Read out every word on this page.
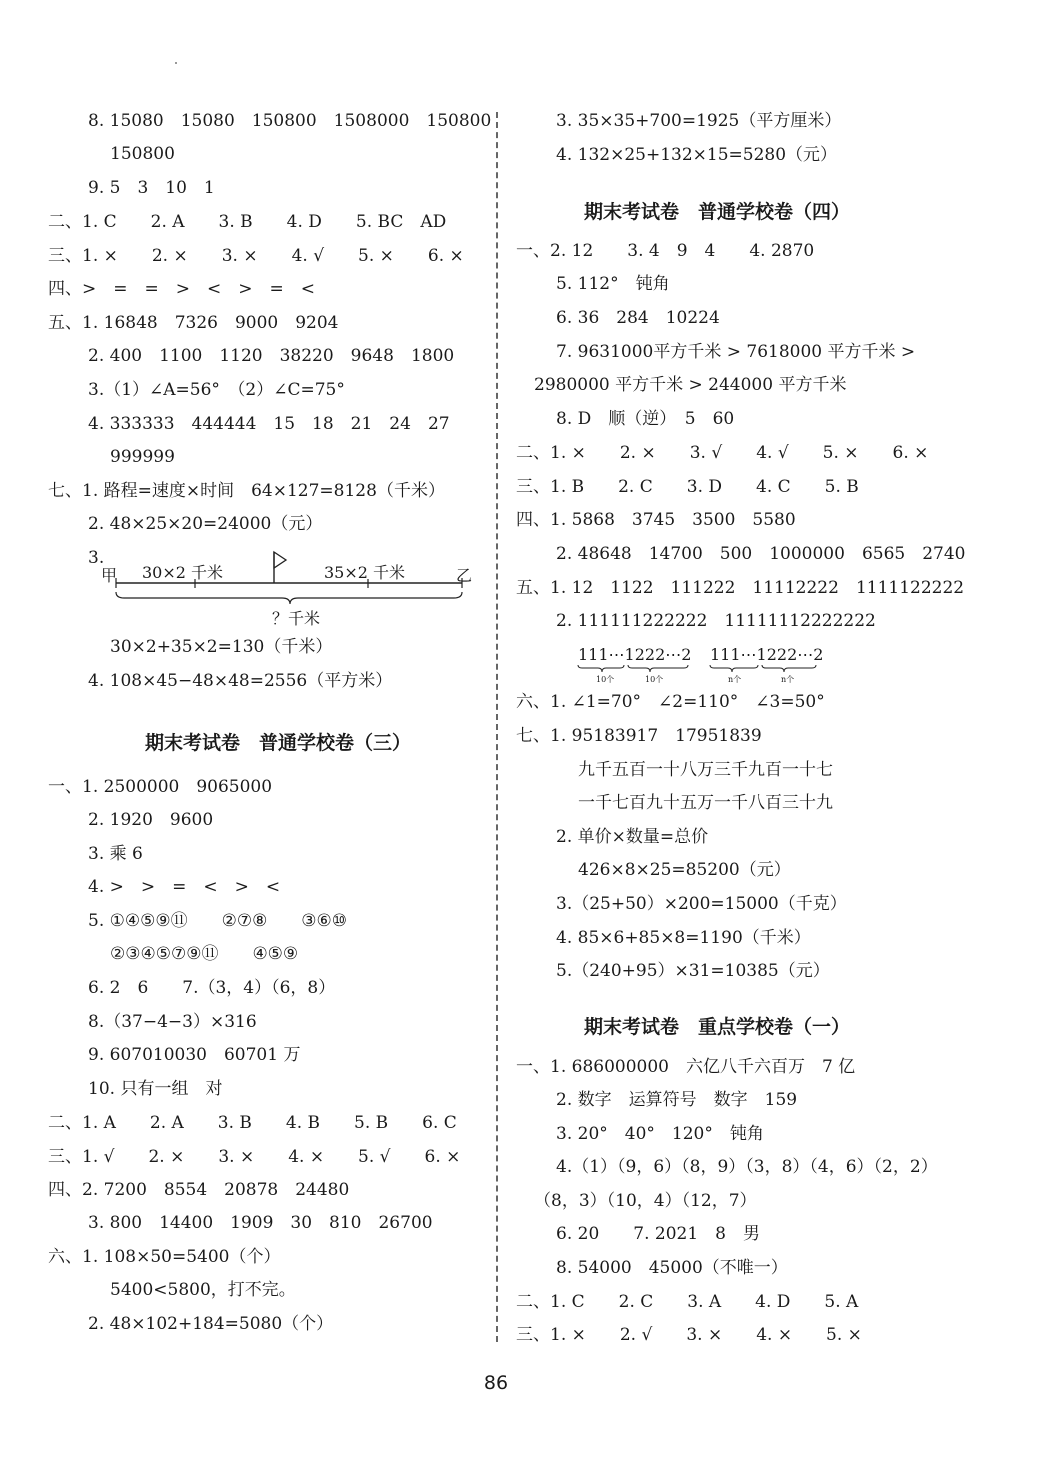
8. 15080　15080　150800　1508000　150800
150800
9. 5　3　10　1
二、1. C　　2. A　　3. B　　4. D　　5. BC　AD
三、1. ×　　2. ×　　3. ×　　4. √　　5. ×　　6. ×
四、>　=　=　>　<　>　=　<
五、1. 16848　7326　9000　9204
2. 400　1100　1120　38220　9648　1800
3.（1）∠A=56°　（2）∠C=75°
4. 333333　444444　15　18　21　24　27
999999
七、1. 路程=速度×时间　64×127=8128（千米）
2. 48×25×20=24000（元）
3.
30×2+35×2=130（千米）
4. 108×45−48×48=2556（平方米）
一、1. 2500000　9065000
2. 1920　9600
3. 乘 6
4. >　>　=　<　>　<
5. ①④⑤⑨⑪　　②⑦⑧　　③⑥⑩
②③④⑤⑦⑨⑪　　④⑤⑨
6. 2　6　　7.（3，4）（6，8）
8.（37−4−3）×316
9. 607010030　60701 万
10. 只有一组　对
二、1. A　　2. A　　3. B　　4. B　　5. B　　6. C
三、1. √　　2. ×　　3. ×　　4. ×　　5. √　　6. ×
四、2. 7200　8554　20878　24480
3. 800　14400　1909　30　810　26700
六、1. 108×50=5400（个）
5400<5800，打不完。
2. 48×102+184=5080（个）
期末考试卷　普通学校卷（三）
3. 35×35+700=1925（平方厘米）
4. 132×25+132×15=5280（元）
一、2. 12　　3. 4　9　4　　4. 2870
5. 112°　钝角
6. 36　284　10224
7. 9631000平方千米 > 7618000 平方千米 >
2980000 平方千米 > 244000 平方千米
8. D　顺（逆）　5　60
二、1. ×　　2. ×　　3. √　　4. √　　5. ×　　6. ×
三、1. B　　2. C　　3. D　　4. C　　5. B
四、1. 5868　3745　3500　5580
2. 48648　14700　500　1000000　6565　2740
五、1. 12　1122　111222　11112222　1111122222
2. 111111222222　11111112222222
六、1. ∠1=70°　∠2=110°　∠3=50°
七、1. 95183917　17951839
九千五百一十八万三千九百一十七
一千七百九十五万一千八百三十九
2. 单价×数量=总价
426×8×25=85200（元）
3.（25+50）×200=15000（千克）
4. 85×6+85×8=1190（千米）
5.（240+95）×31=10385（元）
一、1. 686000000　六亿八千六百万　7 亿
2. 数字　运算符号　数字　159
3. 20°　40°　120°　钝角
4.（1）（9，6）（8，9）（3，8）（4，6）（2，2）
（8，3）（10，4）（12，7）
6. 20　　7. 2021　8　男
8. 54000　45000（不唯一）
二、1. C　　2. C　　3. A　　4. D　　5. A
三、1. ×　　2. √　　3. ×　　4. ×　　5. ×
期末考试卷　普通学校卷（四）
期末考试卷　重点学校卷（一）
甲 30×2 千米	35×2 千米	乙
？千米
111⋯1222⋯2 111⋯1222⋯2
10个	10个	n个	n个
86
